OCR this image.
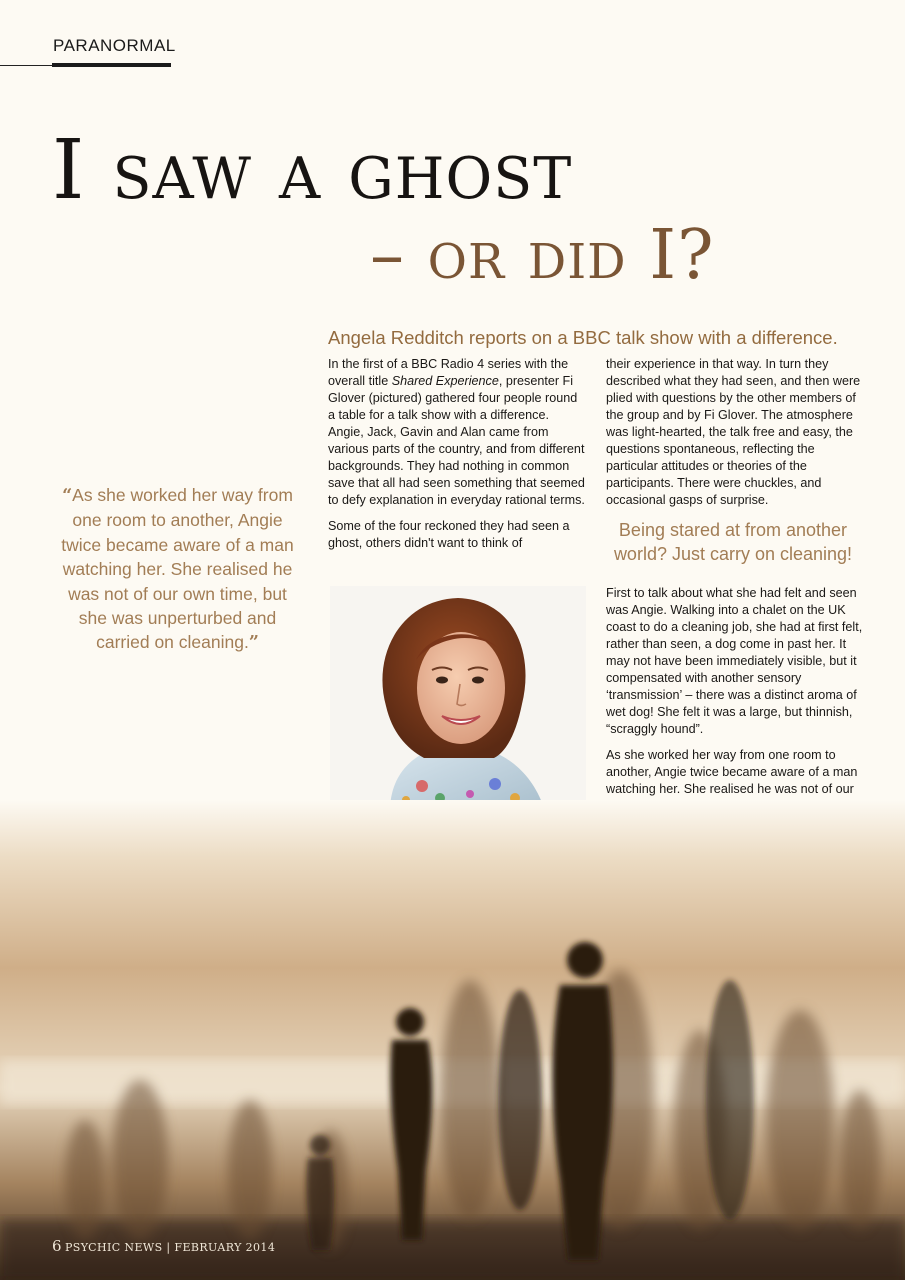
PARANORMAL
I saw a ghost
– or did I?
Angela Redditch reports on a BBC talk show with a difference.

In the first of a BBC Radio 4 series with the overall title Shared Experience, presenter Fi Glover (pictured) gathered four people round a table for a talk show with a difference. Angie, Jack, Gavin and Alan came from various parts of the country, and from different backgrounds. They had nothing in common save that all had seen something that seemed to defy explanation in everyday rational terms.

Some of the four reckoned they had seen a ghost, others didn't want to think of

their experience in that way. In turn they described what they had seen, and then were plied with questions by the other members of the group and by Fi Glover. The atmosphere was light-hearted, the talk free and easy, the questions spontaneous, reflecting the particular attitudes or theories of the participants. There were chuckles, and occasional gasps of surprise.

Being stared at from another world? Just carry on cleaning!

First to talk about what she had felt and seen was Angie. Walking into a chalet on the UK coast to do a cleaning job, she had at first felt, rather than seen, a dog come in past her. It may not have been immediately visible, but it compensated with another sensory ‘transmission’ – there was a distinct aroma of wet dog! She felt it was a large, but thinnish, “scraggly hound”.

As she worked her way from one room to another, Angie twice became aware of a man watching her. She realised he was not of our

“As she worked her way from one room to another, Angie twice became aware of a man watching her. She realised he was not of our own time, but she was unperturbed and carried on cleaning.”
6 PSYCHIC NEWS | FEBRUARY 2014
